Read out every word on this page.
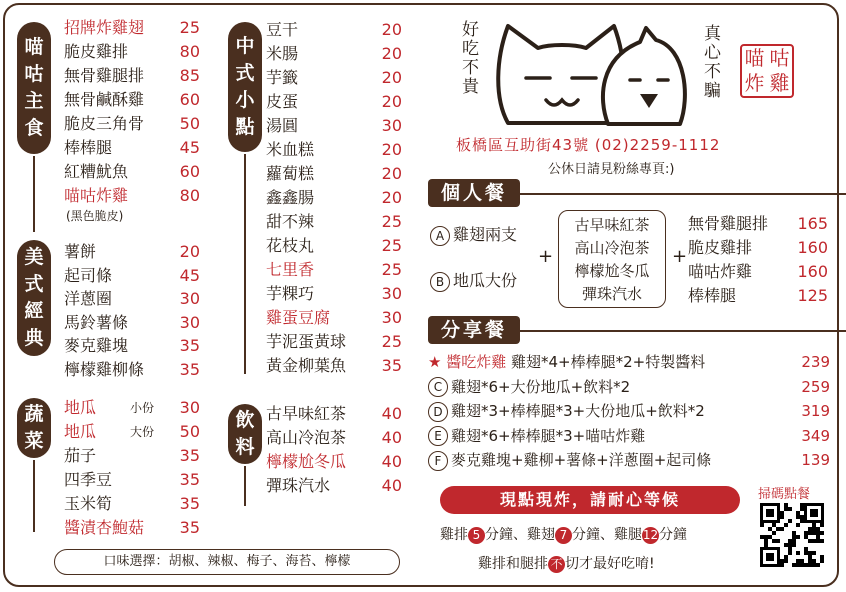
喵
咕
主
食
美
式
經
典
蔬
菜
中
式
小
點
飲
料
招牌炸雞翅 25
脆皮雞排	80
無骨雞腿排 85
無骨鹹酥雞 60
脆皮三角骨 50
棒棒腿	45
紅糟魷魚	60
喵咕炸雞	80
(黑色脆皮)
薯餅	20
起司條	45
洋蔥圈	30
馬鈴薯條	30
麥克雞塊	35
檸檬雞柳條 35
地瓜	小份 30
地瓜	大份 50
茄子	35
四季豆	35
玉米筍	35
醬漬杏鮑菇 35
豆干	20
米腸	20
芋籤	20
皮蛋	20
湯圓	30
米血糕	20
蘿蔔糕	20
鑫鑫腸	20
甜不辣	25
花枝丸	25
七里香	25
芋粿巧	30
雞蛋豆腐	30
芋泥蛋黃球 25
黃金柳葉魚 35
古早味紅茶 40
高山冷泡茶 40
檸檬尬冬瓜 40
彈珠汽水	40
口味選擇：胡椒、辣椒、梅子、海苔、檸檬
好吃不貴	真心不騙 喵 咕
炸 雞
板橋區互助街43號 (02)2259-1112
公休日請見粉絲專頁:)
個人餐
A 雞翅兩支
B 地瓜大份
+
古早味紅茶
高山冷泡茶
檸檬尬冬瓜
彈珠汽水
+
無骨雞腿排 165
脆皮雞排	160
喵咕炸雞	160
棒棒腿	125
分享餐
★ 醬吃炸雞 雞翅*4+棒棒腿*2+特製醬料	239
C 雞翅*6+大份地瓜+飲料*2	259
D 雞翅*3+棒棒腿*3+大份地瓜+飲料*2	319
E 雞翅*6+棒棒腿*3+喵咕炸雞	349
F 麥克雞塊+雞柳+薯條+洋蔥圈+起司條	139
現點現炸，請耐心等候
雞排 5 分鐘、雞翅 7 分鐘、雞腿12分鐘
雞排和腿排 不 切才最好吃唷!
掃碼點餐
